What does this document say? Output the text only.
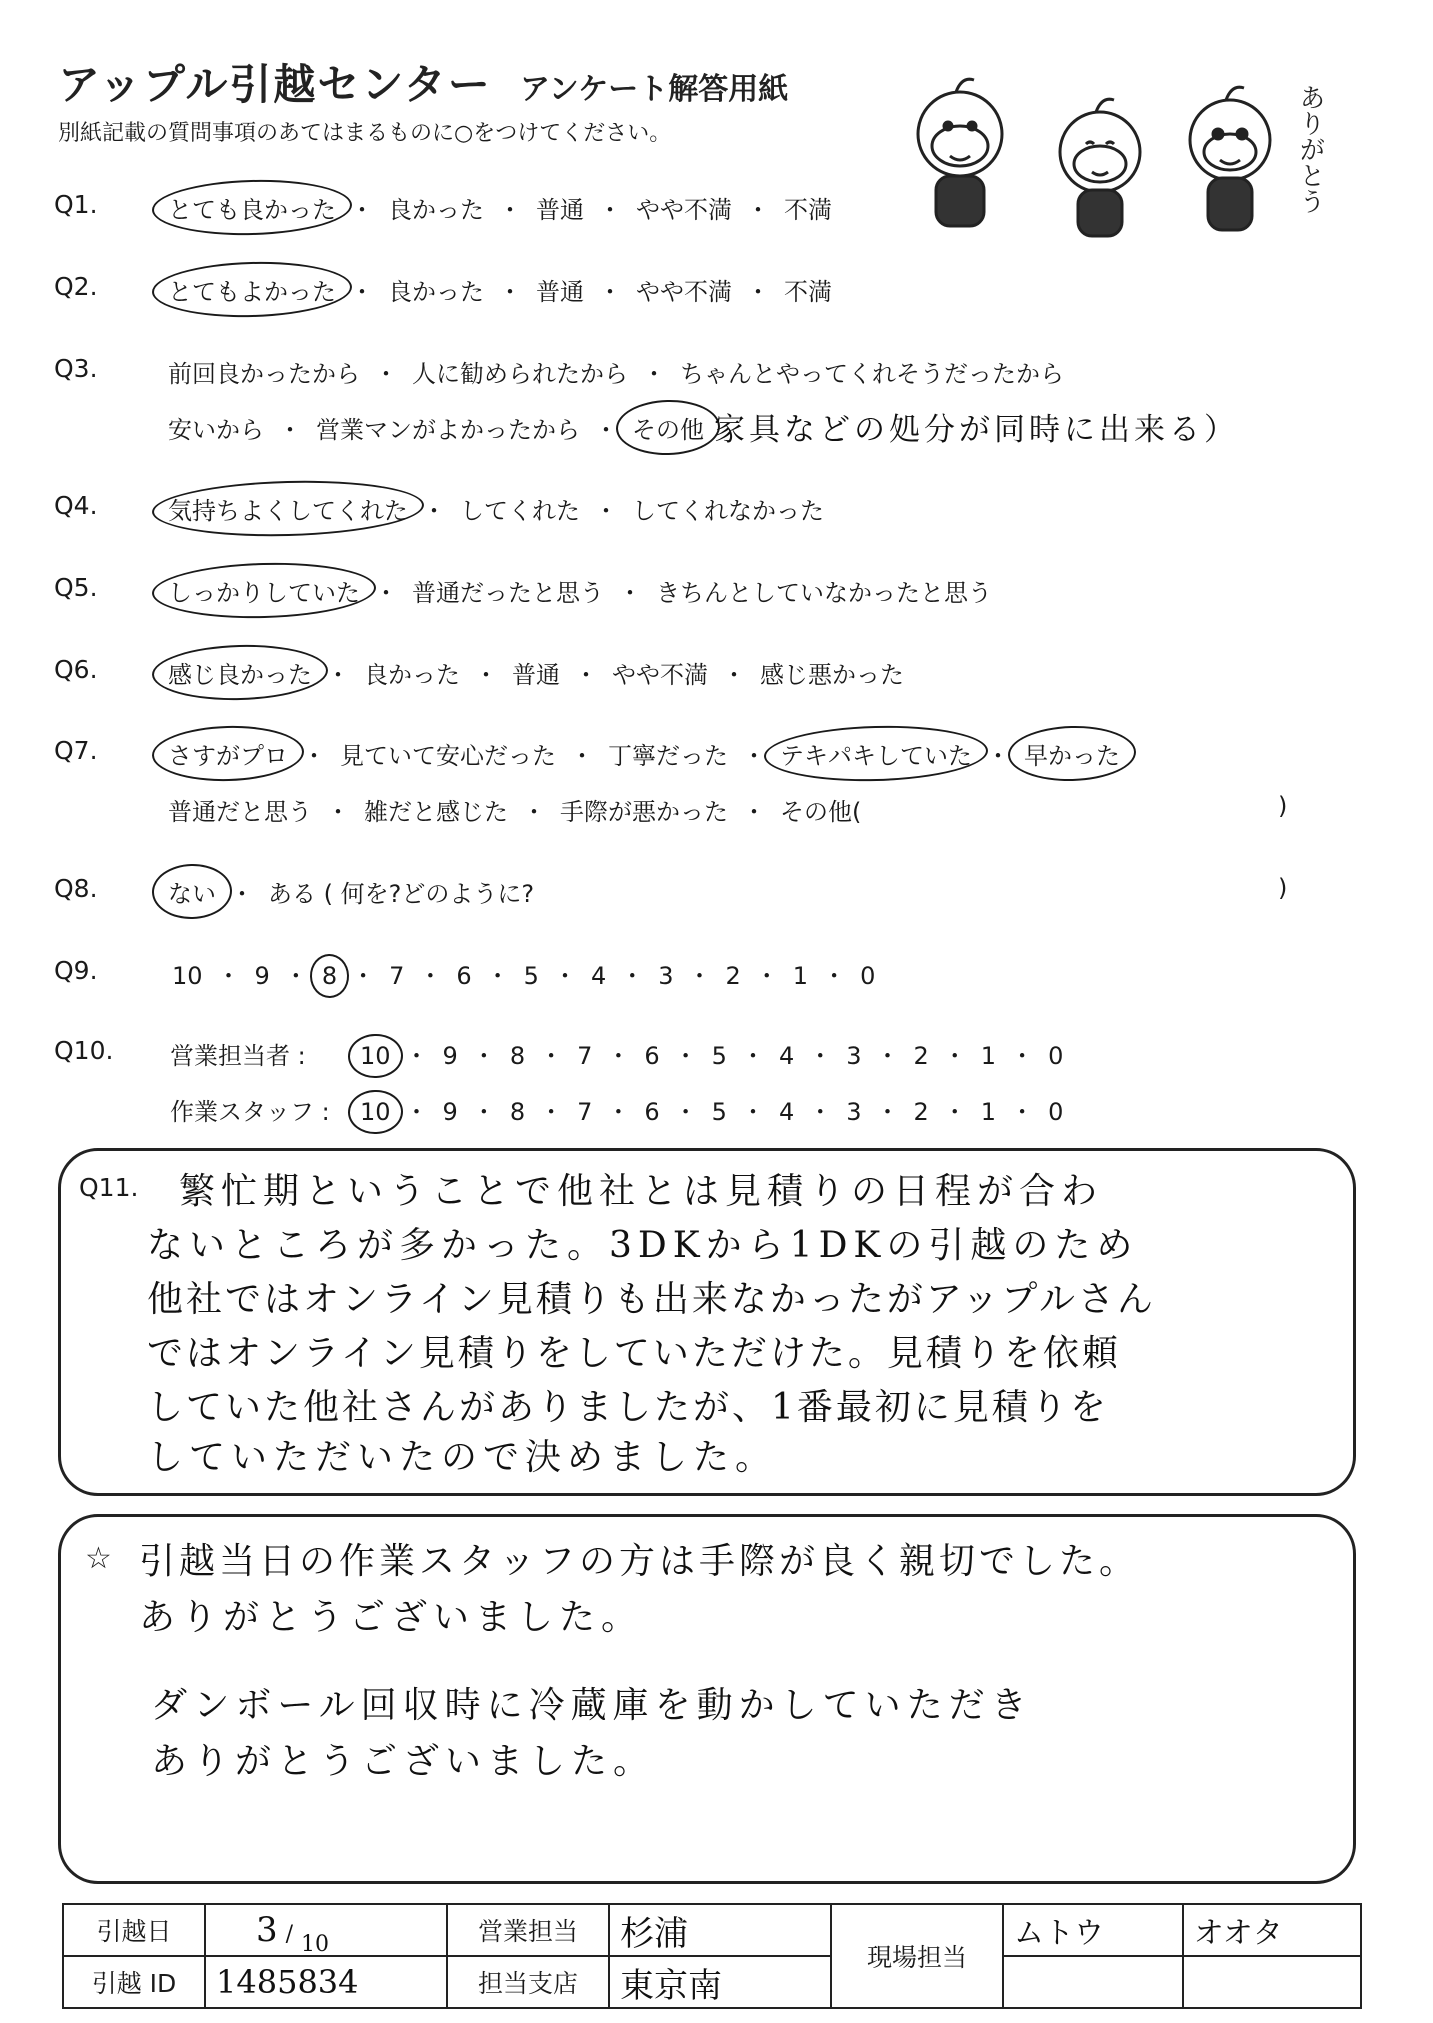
アップル引越センター アンケート解答用紙
別紙記載の質問事項のあてはまるものに○をつけてください。	ありがとう
Q1.	とても良かった ・ 良かった ・ 普通 ・ やや不満 ・ 不満
Q2.	とてもよかった ・ 良かった ・ 普通 ・ やや不満 ・ 不満
Q3.	前回良かったから ・ 人に勧められたから ・ ちゃんとやってくれそうだったから
安いから ・ 営業マンがよかったから ・ その他 家具などの処分が同時に出来る）
Q4.	気持ちよくしてくれた ・ してくれた ・ してくれなかった
Q5.	しっかりしていた ・ 普通だったと思う ・ きちんとしていなかったと思う
Q6.	感じ良かった ・ 良かった ・ 普通 ・ やや不満 ・ 感じ悪かった
Q7.	さすがプロ ・ 見ていて安心だった ・ 丁寧だった ・ テキパキしていた ・ 早かった
普通だと思う ・ 雑だと感じた ・ 手際が悪かった ・ その他(	)
Q8.	ない ・ ある ( 何を?どのように?	)
Q9.	10 ・ 9 ・ 8 ・ 7 ・ 6 ・ 5 ・ 4 ・ 3 ・ 2 ・ 1 ・ 0
Q10. 営業担当者 : 10 ・ 9 ・ 8 ・ 7 ・ 6 ・ 5 ・ 4 ・ 3 ・ 2 ・ 1 ・ 0
作業スタッフ : 10 ・ 9 ・ 8 ・ 7 ・ 6 ・ 5 ・ 4 ・ 3 ・ 2 ・ 1 ・ 0
Q11. 繁忙期ということで他社とは見積りの日程が合わ
ないところが多かった。3DKから1DKの引越のため
他社ではオンライン見積りも出来なかったがアップルさん
ではオンライン見積りをしていただけた。見積りを依頼
していた他社さんがありましたが、1番最初に見積りを
していただいたので決めました。
☆ 引越当日の作業スタッフの方は手際が良く親切でした。
ありがとうございました。
ダンボール回収時に冷蔵庫を動かしていただき
ありがとうございました。
引越日	3 / 10	営業担当	杉浦	現場担当	ムトウ	オオタ
引越 ID	1485834	担当支店	東京南			
